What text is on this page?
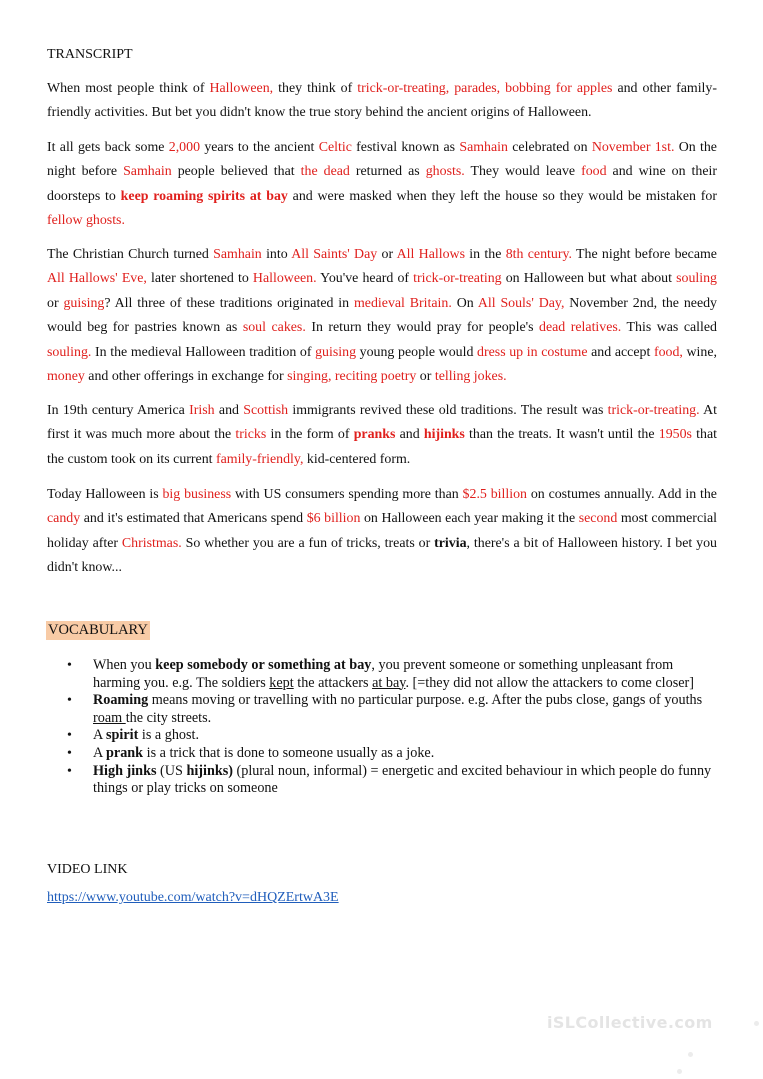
TRANSCRIPT

When most people think of Halloween, they think of trick-or-treating, parades, bobbing for apples and other family-friendly activities. But bet you didn't know the true story behind the ancient origins of Halloween.

It all gets back some 2,000 years to the ancient Celtic festival known as Samhain celebrated on November 1st. On the night before Samhain people believed that the dead returned as ghosts. They would leave food and wine on their doorsteps to keep roaming spirits at bay and were masked when they left the house so they would be mistaken for fellow ghosts.

The Christian Church turned Samhain into All Saints' Day or All Hallows in the 8th century. The night before became All Hallows' Eve, later shortened to Halloween. You've heard of trick-or-treating on Halloween but what about souling or guising? All three of these traditions originated in medieval Britain. On All Souls' Day, November 2nd, the needy would beg for pastries known as soul cakes. In return they would pray for people's dead relatives. This was called souling. In the medieval Halloween tradition of guising young people would dress up in costume and accept food, wine, money and other offerings in exchange for singing, reciting poetry or telling jokes.

In 19th century America Irish and Scottish immigrants revived these old traditions. The result was trick-or-treating. At first it was much more about the tricks in the form of pranks and hijinks than the treats. It wasn't until the 1950s that the custom took on its current family-friendly, kid-centered form.

Today Halloween is big business with US consumers spending more than $2.5 billion on costumes annually. Add in the candy and it's estimated that Americans spend $6 billion on Halloween each year making it the second most commercial holiday after Christmas. So whether you are a fun of tricks, treats or trivia, there's a bit of Halloween history. I bet you didn't know...

VOCABULARY
• When you keep somebody or something at bay, you prevent someone or something unpleasant from harming you. e.g. The soldiers kept the attackers at bay. [=they did not allow the attackers to come closer]
• Roaming means moving or travelling with no particular purpose. e.g. After the pubs close, gangs of youths roam the city streets.
• A spirit is a ghost.
• A prank is a trick that is done to someone usually as a joke.
• High jinks (US hijinks) (plural noun, informal) = energetic and excited behaviour in which people do funny things or play tricks on someone
VIDEO LINK
https://www.youtube.com/watch?v=dHQZErtwA3E
iSLCollective.com
